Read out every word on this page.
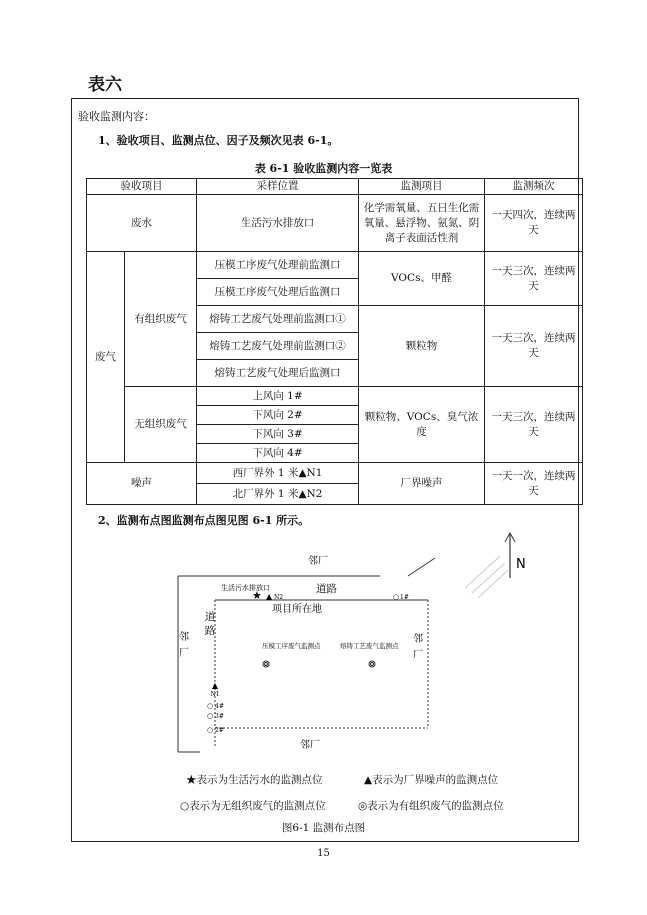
表六
验收监测内容：
1、验收项目、监测点位、因子及频次见表 6-1。
表 6-1 验收监测内容一览表
验收项目		采样位置	监测项目	监测频次
废水		生活污水排放口	化学需氧量、五日生化需氧量、悬浮物、氨氮、阴离子表面活性剂	一天四次，连续两天
废气	有组织废气	压模工序废气处理前监测口	VOCs、甲醛	一天三次，连续两天
		压模工序废气处理后监测口		
		熔铸工艺废气处理前监测口①	颗粒物	一天三次，连续两天
		熔铸工艺废气处理前监测口②		
		熔铸工艺废气处理后监测口		
	无组织废气	上风向 1#	颗粒物、VOCs、臭气浓度	一天三次，连续两天
		下风向 2#		
		下风向 3#		
		下风向 4#		
噪声		西厂界外 1 米▲N1	厂界噪声	一天一次，连续两天
		北厂界外 1 米▲N2		
2、监测布点图监测布点图见图 6-1 所示。
N
邻厂
道路
项目所在地
生活污水排放口
★ ▲ N2	○ 1#
道
路
邻
厂
邻
厂
压模工序废气监测点	熔铸工艺废气监测点
▲
N1
○ 4#
○ 3#
○ 2#
邻厂
★表示为生活污水的监测点位	▲表示为厂界噪声的监测点位
○表示为无组织废气的监测点位	◎表示为有组织废气的监测点位
图6-1 监测布点图
15
